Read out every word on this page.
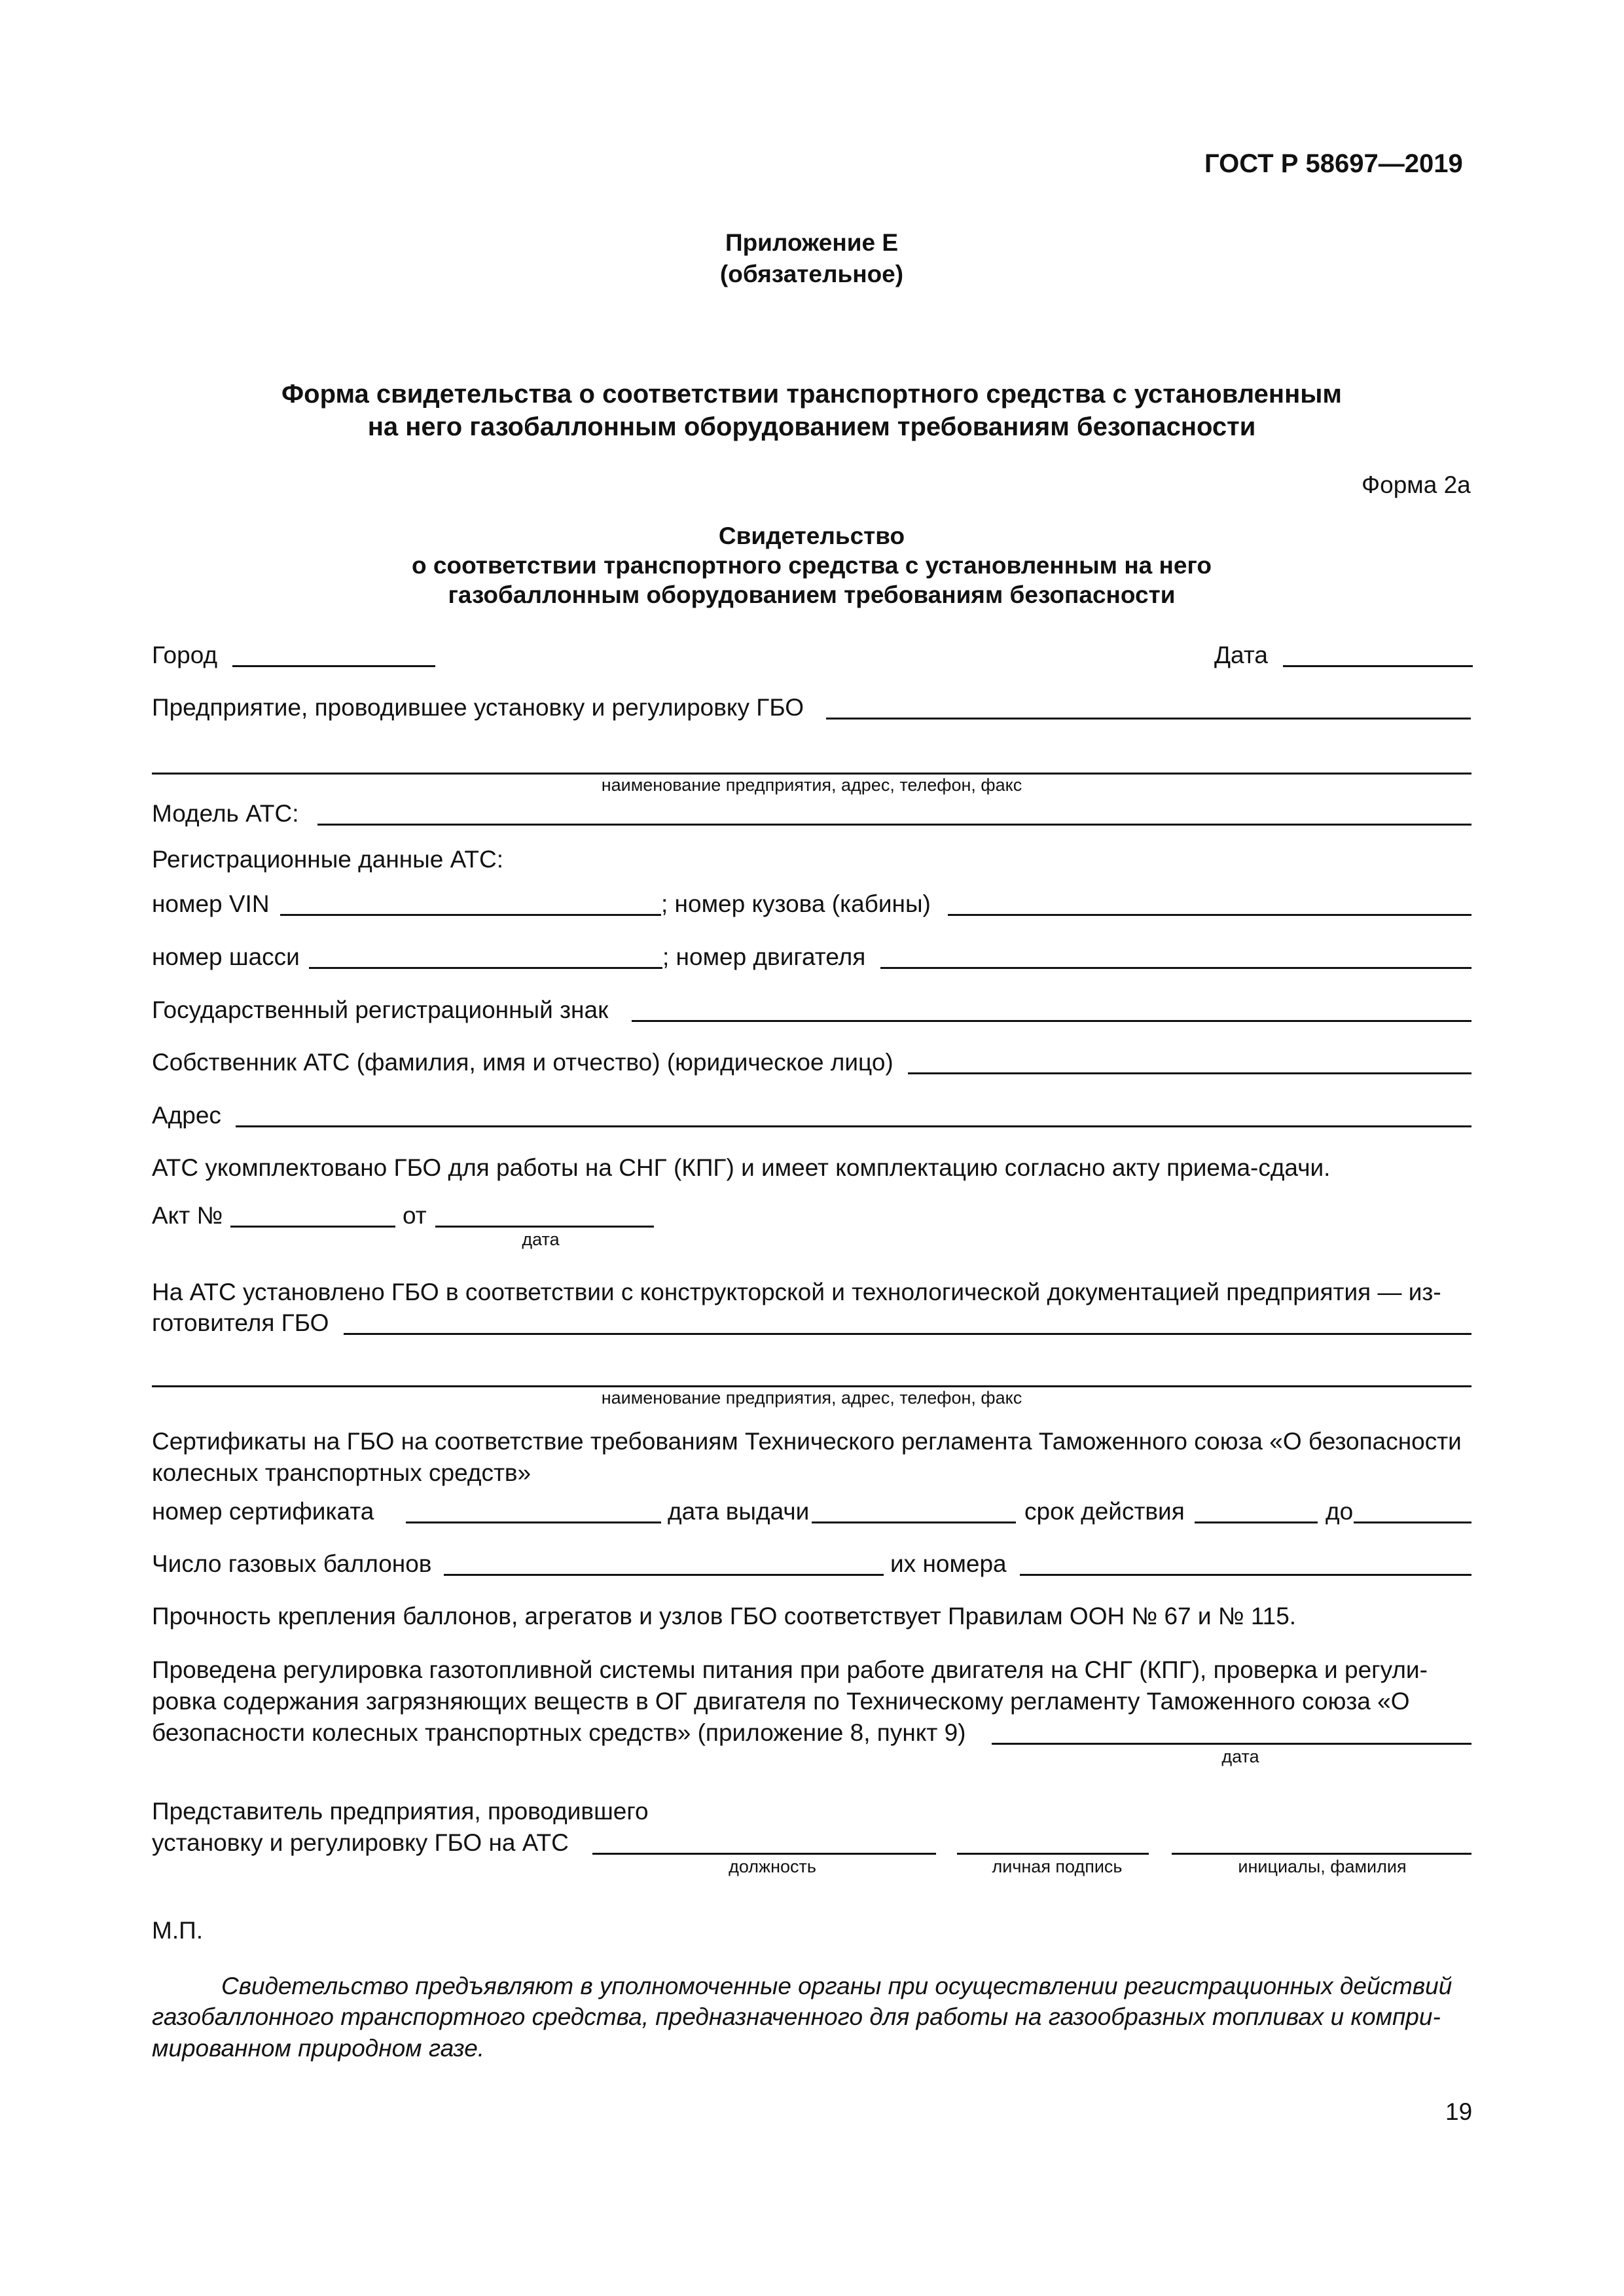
ГОСТ Р 58697—2019
Приложение Е
(обязательное)
Форма свидетельства о соответствии транспортного средства с установленным
на него газобаллонным оборудованием требованиям безопасности
Форма 2а
Свидетельство
о соответствии транспортного средства с установленным на него
газобаллонным оборудованием требованиям безопасности
Город	Дата
Предприятие, проводившее установку и регулировку ГБО
наименование предприятия, адрес, телефон, факс
Модель АТС:
Регистрационные данные АТС:
номер VIN	; номер кузова (кабины)
номер шасси	; номер двигателя
Государственный регистрационный знак
Собственник АТС (фамилия, имя и отчество) (юридическое лицо)
Адрес
АТС укомплектовано ГБО для работы на СНГ (КПГ) и имеет комплектацию согласно акту приема-сдачи.
Акт №	от
дата
На АТС установлено ГБО в соответствии с конструкторской и технологической документацией предприятия — из-
готовителя ГБО
наименование предприятия, адрес, телефон, факс
Сертификаты на ГБО на соответствие требованиям Технического регламента Таможенного союза «О безопасности
колесных транспортных средств»
номер сертификата	дата выдачи	срок действия	до
Число газовых баллонов	их номера
Прочность крепления баллонов, агрегатов и узлов ГБО соответствует Правилам ООН № 67 и № 115.
Проведена регулировка газотопливной системы питания при работе двигателя на СНГ (КПГ), проверка и регули-
ровка содержания загрязняющих веществ в ОГ двигателя по Техническому регламенту Таможенного союза «О
безопасности колесных транспортных средств» (приложение 8, пункт 9)
дата
Представитель предприятия, проводившего
установку и регулировку ГБО на АТС
должность	личная подпись	инициалы, фамилия
М.П.
Свидетельство предъявляют в уполномоченные органы при осуществлении регистрационных действий
газобаллонного транспортного средства, предназначенного для работы на газообразных топливах и компри-
мированном природном газе.
19
